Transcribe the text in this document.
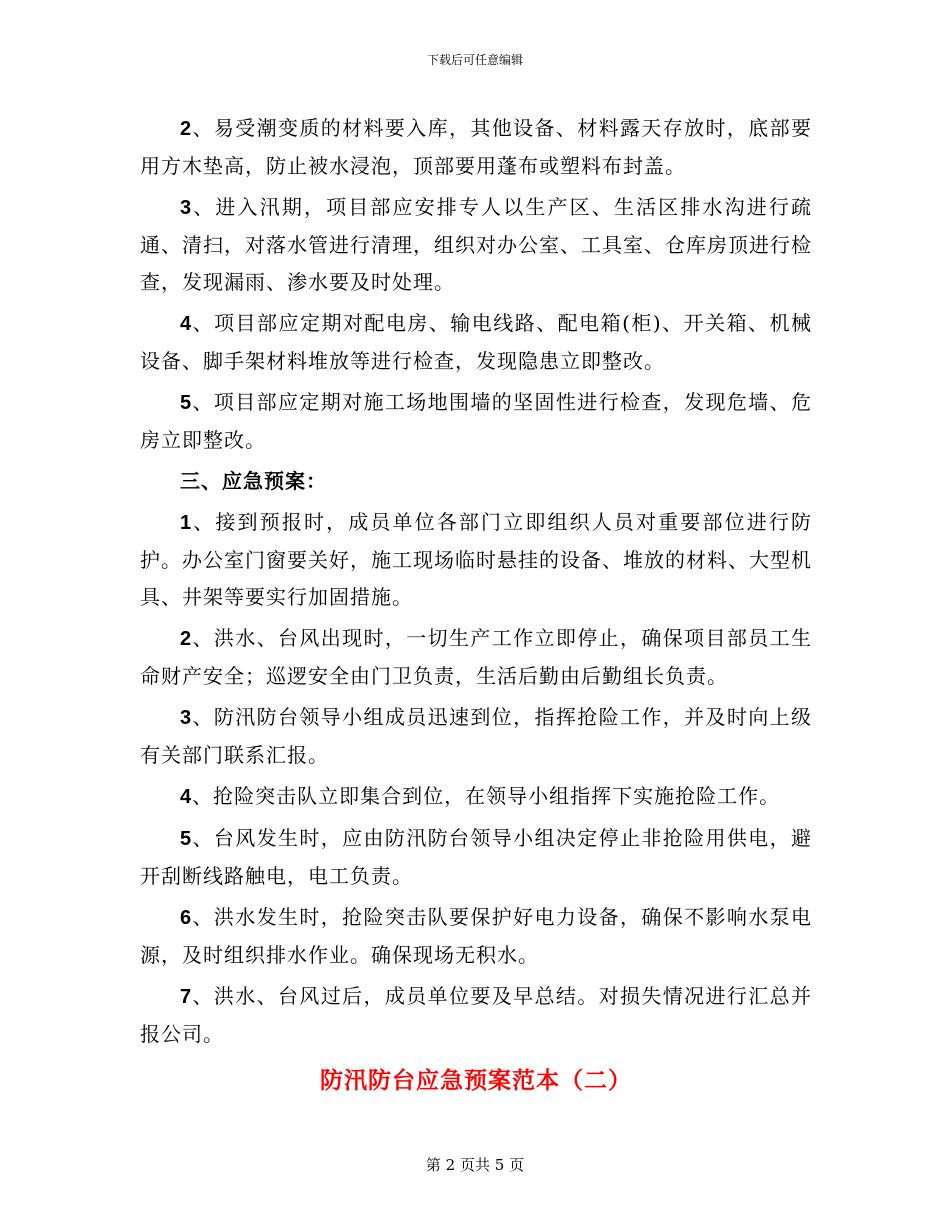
下载后可任意编辑

2、易受潮变质的材料要入库，其他设备、材料露天存放时，底部要用方木垫高，防止被水浸泡，顶部要用蓬布或塑料布封盖。

3、进入汛期，项目部应安排专人以生产区、生活区排水沟进行疏通、清扫，对落水管进行清理，组织对办公室、工具室、仓库房顶进行检查，发现漏雨、渗水要及时处理。

4、项目部应定期对配电房、输电线路、配电箱(柜)、开关箱、机械设备、脚手架材料堆放等进行检查，发现隐患立即整改。

5、项目部应定期对施工场地围墙的坚固性进行检查，发现危墙、危房立即整改。

三、应急预案：

1、接到预报时，成员单位各部门立即组织人员对重要部位进行防护。办公室门窗要关好，施工现场临时悬挂的设备、堆放的材料、大型机具、井架等要实行加固措施。

2、洪水、台风出现时，一切生产工作立即停止，确保项目部员工生命财产安全；巡逻安全由门卫负责，生活后勤由后勤组长负责。

3、防汛防台领导小组成员迅速到位，指挥抢险工作，并及时向上级有关部门联系汇报。

4、抢险突击队立即集合到位，在领导小组指挥下实施抢险工作。

5、台风发生时，应由防汛防台领导小组决定停止非抢险用供电，避开刮断线路触电，电工负责。

6、洪水发生时，抢险突击队要保护好电力设备，确保不影响水泵电源，及时组织排水作业。确保现场无积水。

7、洪水、台风过后，成员单位要及早总结。对损失情况进行汇总并报公司。

防汛防台应急预案范本（二）
第 2 页共 5 页
